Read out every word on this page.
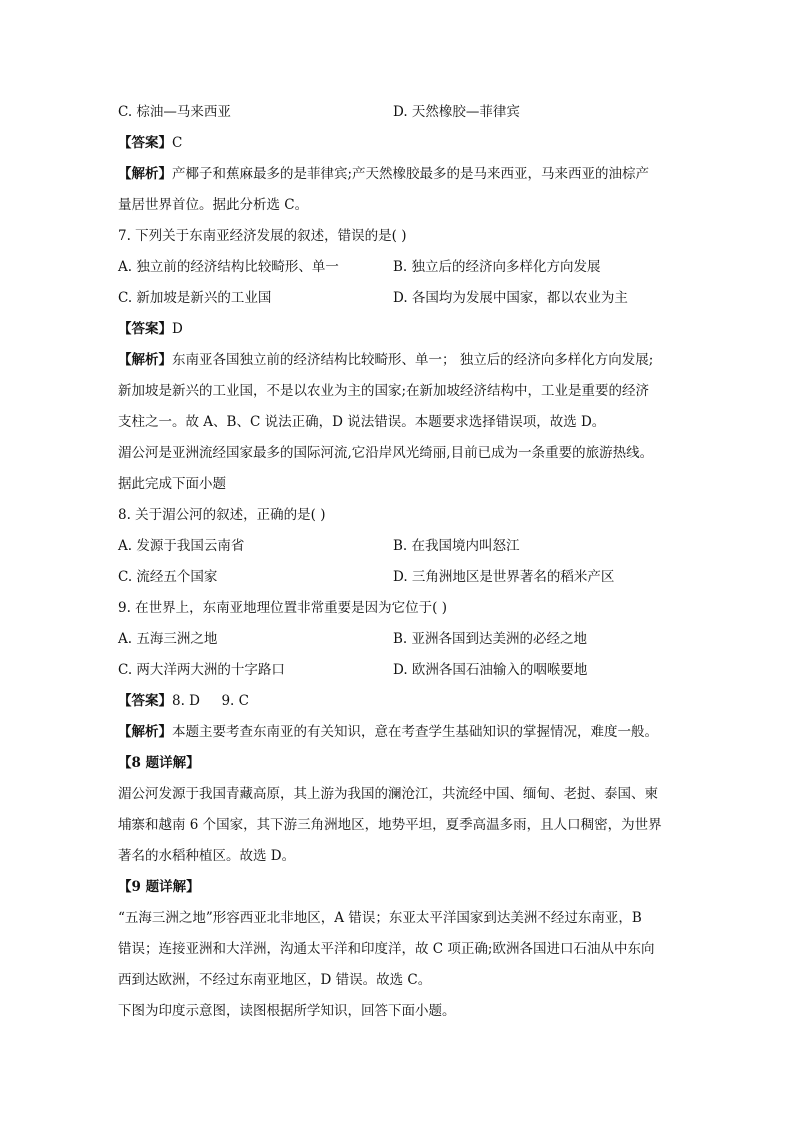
C. 棕油—马来西亚	D. 天然橡胶—菲律宾
【答案】C
【解析】产椰子和蕉麻最多的是菲律宾;产天然橡胶最多的是马来西亚，马来西亚的油棕产
量居世界首位。据此分析选 C。
7. 下列关于东南亚经济发展的叙述，错误的是( )
A. 独立前的经济结构比较畸形、单一	B. 独立后的经济向多样化方向发展
C. 新加坡是新兴的工业国	D. 各国均为发展中国家，都以农业为主
【答案】D
【解析】东南亚各国独立前的经济结构比较畸形、单一； 独立后的经济向多样化方向发展;
新加坡是新兴的工业国，不是以农业为主的国家;在新加坡经济结构中，工业是重要的经济
支柱之一。故 A、B、C 说法正确，D 说法错误。本题要求选择错误项，故选 D。
湄公河是亚洲流经国家最多的国际河流,它沿岸风光绮丽,目前已成为一条重要的旅游热线。
据此完成下面小题
8. 关于湄公河的叙述，正确的是( )
A. 发源于我国云南省	B. 在我国境内叫怒江
C. 流经五个国家	D. 三角洲地区是世界著名的稻米产区
9. 在世界上，东南亚地理位置非常重要是因为它位于( )
A. 五海三洲之地	B. 亚洲各国到达美洲的必经之地
C. 两大洋两大洲的十字路口	D. 欧洲各国石油输入的咽喉要地
【答案】8. D     9. C
【解析】本题主要考查东南亚的有关知识，意在考查学生基础知识的掌握情况，难度一般。
【8 题详解】
湄公河发源于我国青藏高原，其上游为我国的澜沧江，共流经中国、缅甸、老挝、泰国、柬
埔寨和越南 6 个国家，其下游三角洲地区，地势平坦，夏季高温多雨，且人口稠密，为世界
著名的水稻种植区。故选 D。
【9 题详解】
“五海三洲之地”形容西亚北非地区，A 错误；东亚太平洋国家到达美洲不经过东南亚，B
错误；连接亚洲和大洋洲，沟通太平洋和印度洋，故 C 项正确;欧洲各国进口石油从中东向
西到达欧洲，不经过东南亚地区，D 错误。故选 C。
下图为印度示意图，读图根据所学知识，回答下面小题。
